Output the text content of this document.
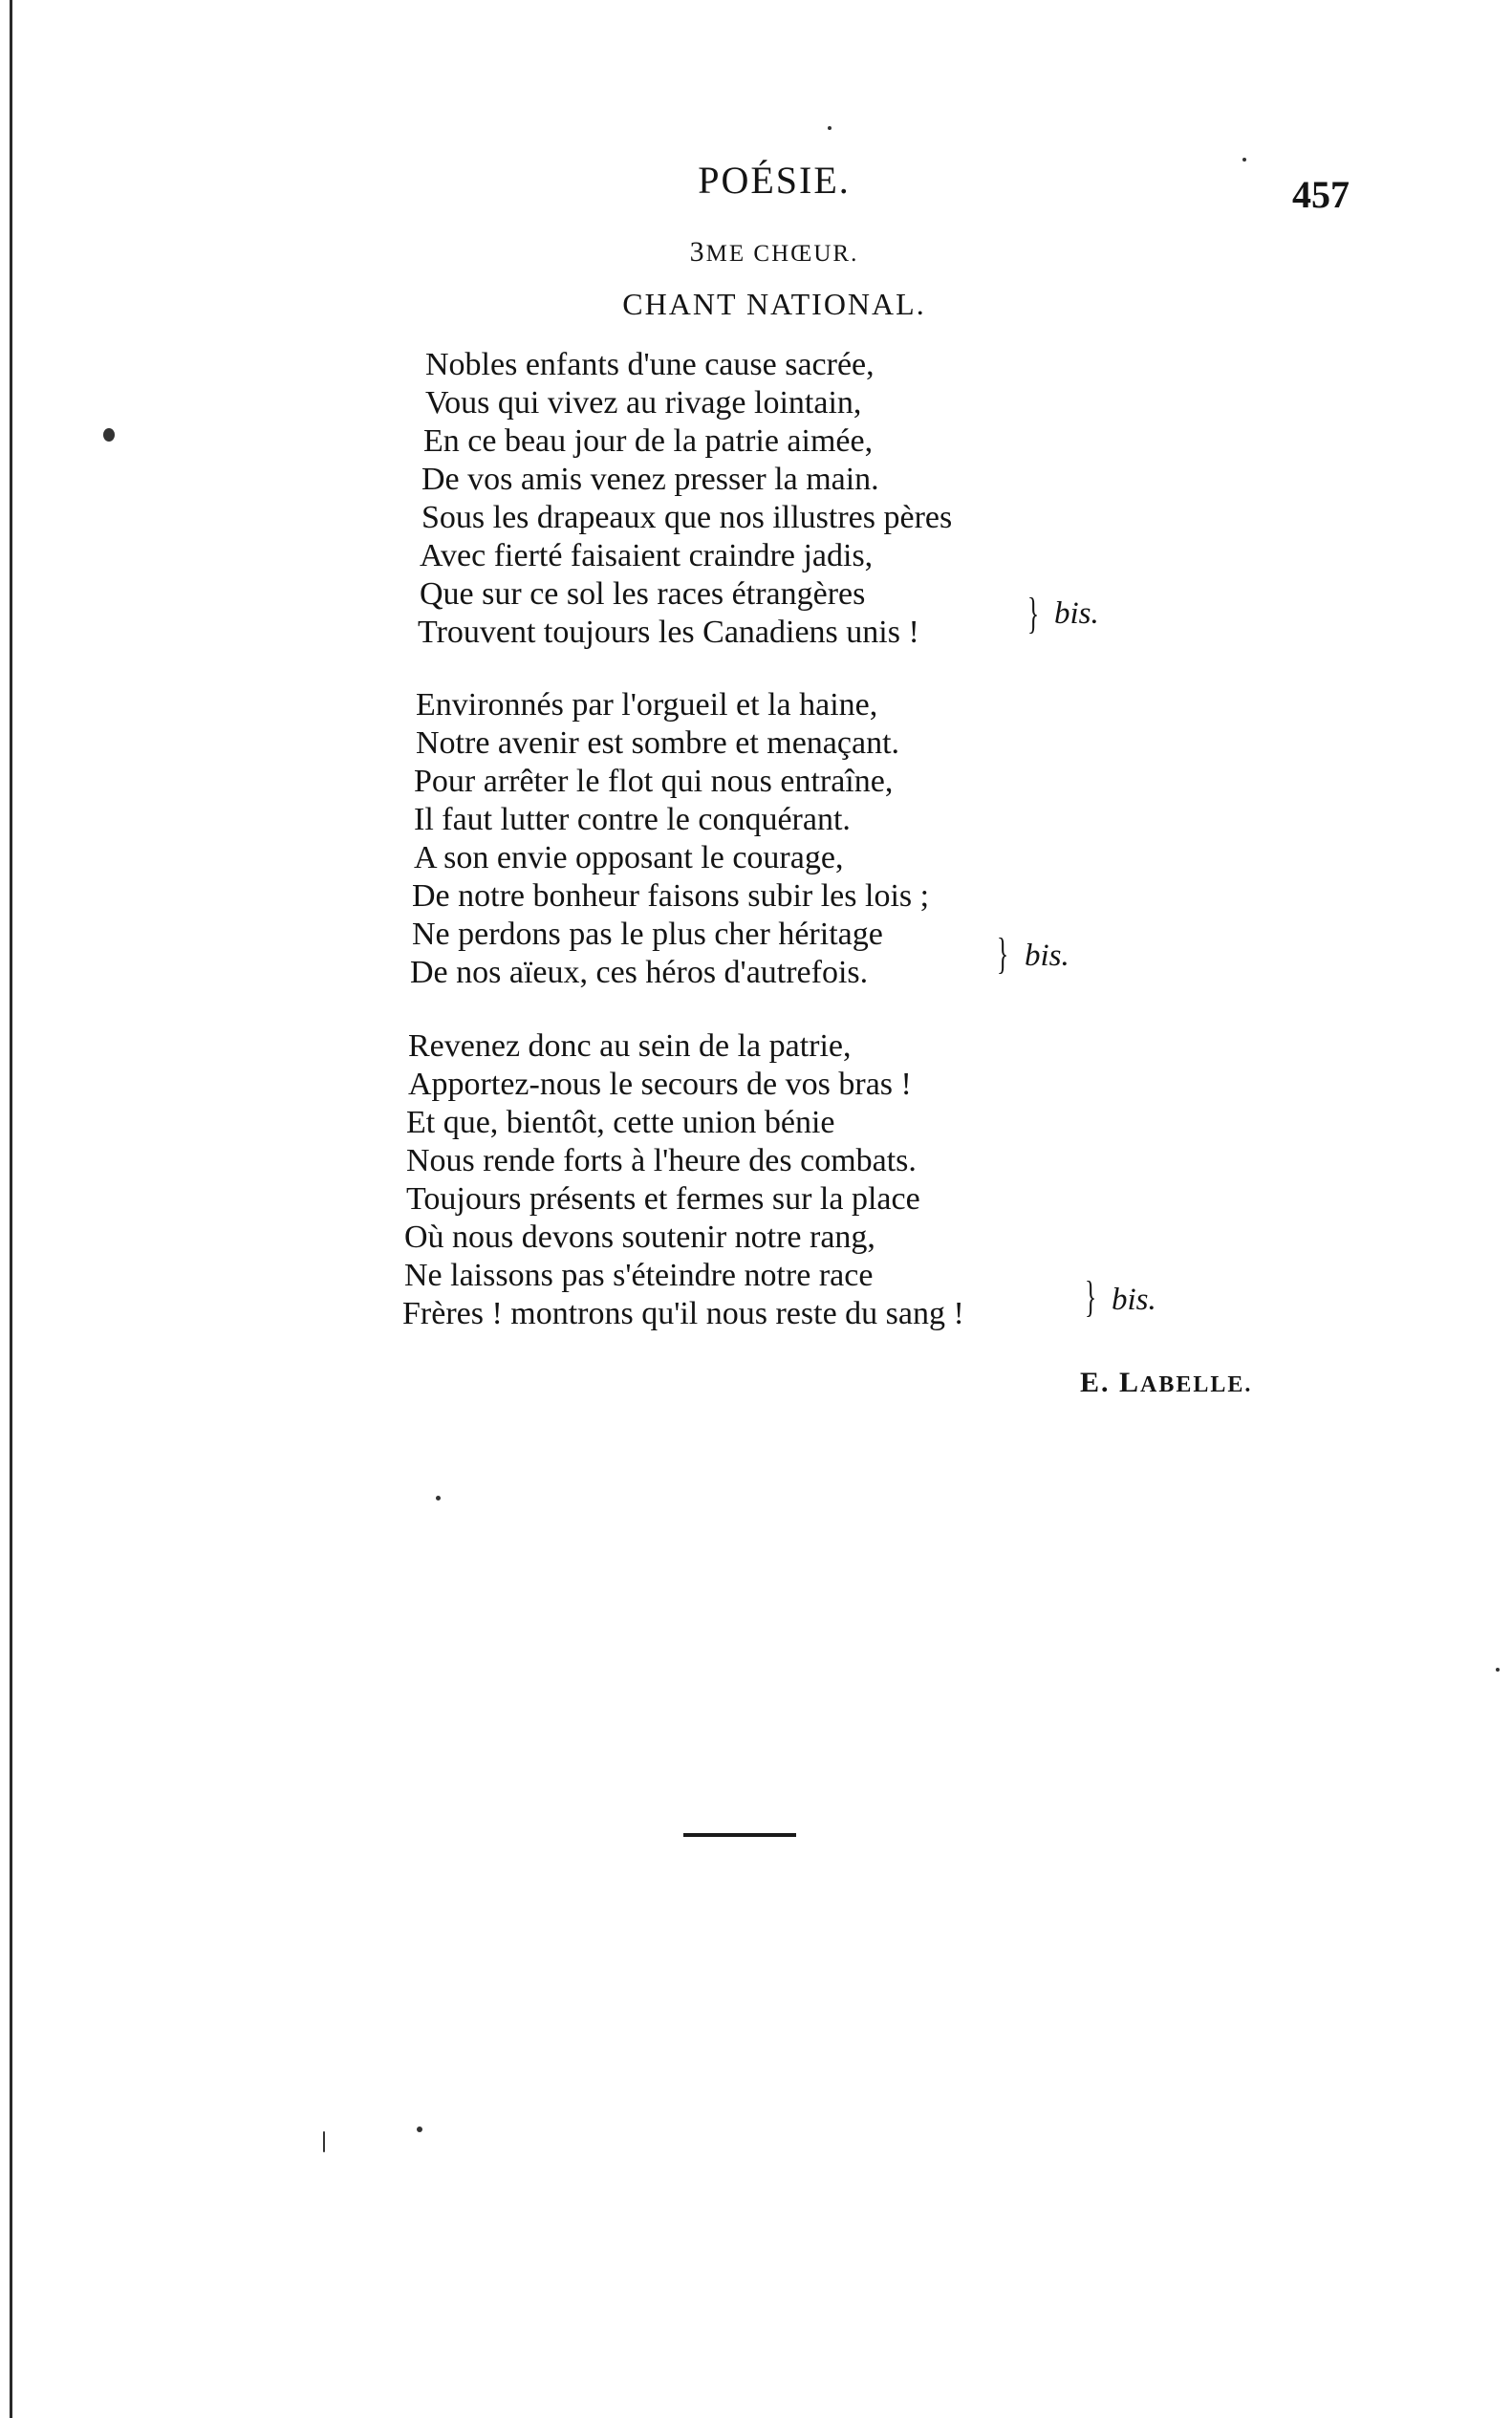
POÉSIE.	457
3ME CHŒUR.
CHANT NATIONAL.
Nobles enfants d'une cause sacrée,
Vous qui vivez au rivage lointain,
En ce beau jour de la patrie aimée,
De vos amis venez presser la main.
Sous les drapeaux que nos illustres pères
Avec fierté faisaient craindre jadis,
Que sur ce sol les races étrangères
Trouvent toujours les Canadiens unis ! } bis.
Environnés par l'orgueil et la haine,
Notre avenir est sombre et menaçant.
Pour arrêter le flot qui nous entraîne,
Il faut lutter contre le conquérant.
A son envie opposant le courage,
De notre bonheur faisons subir les lois ;
Ne perdons pas le plus cher héritage
De nos aïeux, ces héros d'autrefois.	} bis.
Revenez donc au sein de la patrie,
Apportez-nous le secours de vos bras !
Et que, bientôt, cette union bénie
Nous rende forts à l'heure des combats.
Toujours présents et fermes sur la place
Où nous devons soutenir notre rang,
Ne laissons pas s'éteindre notre race
Frères ! montrons qu'il nous reste du sang !	} bis.
E. LABELLE.
